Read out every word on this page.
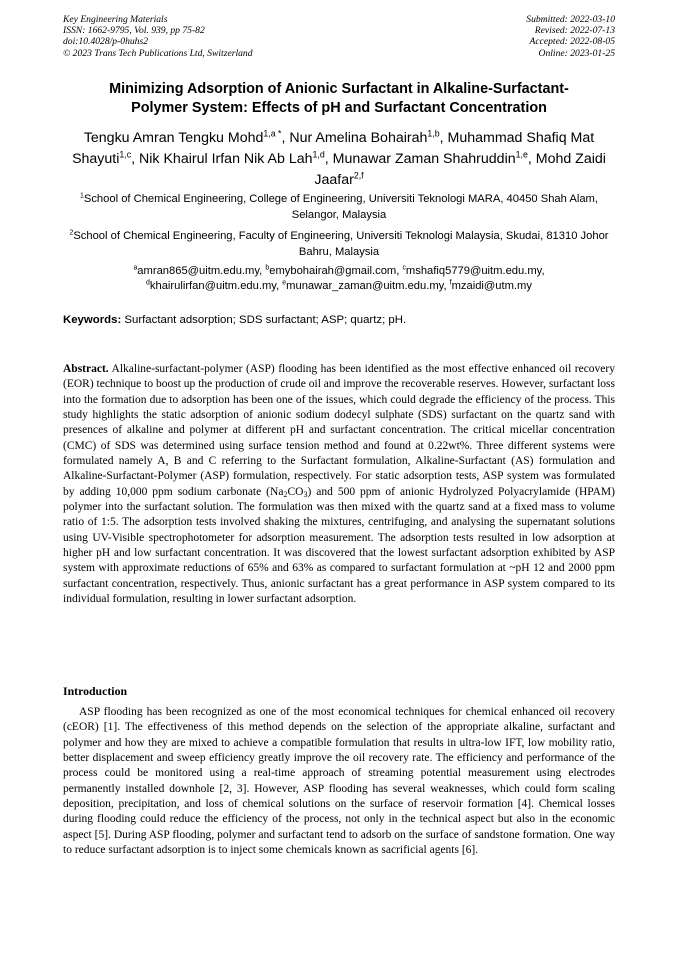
Key Engineering Materials
ISSN: 1662-9795, Vol. 939, pp 75-82
doi:10.4028/p-0huhs2
© 2023 Trans Tech Publications Ltd, Switzerland
Submitted: 2022-03-10
Revised: 2022-07-13
Accepted: 2022-08-05
Online: 2023-01-25
Minimizing Adsorption of Anionic Surfactant in Alkaline-Surfactant-
Polymer System: Effects of pH and Surfactant Concentration
Tengku Amran Tengku Mohd$^{1,a *}$, Nur Amelina Bohairah$^{1,b}$, Muhammad Shafiq Mat Shayuti$^{1,c}$, Nik Khairul Irfan Nik Ab Lah$^{1,d}$, Munawar Zaman Shahruddin$^{1,e}$, Mohd Zaidi Jaafar$^{2,f}$
$^1$School of Chemical Engineering, College of Engineering, Universiti Teknologi MARA, 40450 Shah Alam, Selangor, Malaysia
$^2$School of Chemical Engineering, Faculty of Engineering, Universiti Teknologi Malaysia, Skudai, 81310 Johor Bahru, Malaysia
$^a$amran865@uitm.edu.my, $^b$emybohairah@gmail.com, $^c$mshafiq5779@uitm.edu.my,
$^d$khairulirfan@uitm.edu.my, $^e$munawar_zaman@uitm.edu.my, $^f$mzaidi@utm.my
Keywords: Surfactant adsorption; SDS surfactant; ASP; quartz; pH.
Abstract. Alkaline-surfactant-polymer (ASP) flooding has been identified as the most effective enhanced oil recovery (EOR) technique to boost up the production of crude oil and improve the recoverable reserves. However, surfactant loss into the formation due to adsorption has been one of the issues, which could degrade the efficiency of the process. This study highlights the static adsorption of anionic sodium dodecyl sulphate (SDS) surfactant on the quartz sand with presences of alkaline and polymer at different pH and surfactant concentration. The critical micellar concentration (CMC) of SDS was determined using surface tension method and found at 0.22wt%. Three different systems were formulated namely A, B and C referring to the Surfactant formulation, Alkaline-Surfactant (AS) formulation and Alkaline-Surfactant-Polymer (ASP) formulation, respectively. For static adsorption tests, ASP system was formulated by adding 10,000 ppm sodium carbonate $(Na_2CO_3)$ and 500 ppm of anionic Hydrolyzed Polyacrylamide (HPAM) polymer into the surfactant solution. The formulation was then mixed with the quartz sand at a fixed mass to volume ratio of 1:5. The adsorption tests involved shaking the mixtures, centrifuging, and analysing the supernatant solutions using UV-Visible spectrophotometer for adsorption measurement. The adsorption tests resulted in low adsorption at higher pH and low surfactant concentration. It was discovered that the lowest surfactant adsorption exhibited by ASP system with approximate reductions of 65% and 63% as compared to surfactant formulation at ~pH 12 and 2000 ppm surfactant concentration, respectively. Thus, anionic surfactant has a great performance in ASP system compared to its individual formulation, resulting in lower surfactant adsorption.
Introduction
ASP flooding has been recognized as one of the most economical techniques for chemical enhanced oil recovery (cEOR) [1]. The effectiveness of this method depends on the selection of the appropriate alkaline, surfactant and polymer and how they are mixed to achieve a compatible formulation that results in ultra-low IFT, low mobility ratio, better displacement and sweep efficiency greatly improve the oil recovery rate. The efficiency and performance of the process could be monitored using a real-time approach of streaming potential measurement using electrodes permanently installed downhole [2, 3]. However, ASP flooding has several weaknesses, which could form scaling deposition, precipitation, and loss of chemical solutions on the surface of reservoir formation [4]. Chemical losses during flooding could reduce the efficiency of the process, not only in the technical aspect but also in the economic aspect [5]. During ASP flooding, polymer and surfactant tend to adsorb on the surface of sandstone formation. One way to reduce surfactant adsorption is to inject some chemicals known as sacrificial agents [6].
